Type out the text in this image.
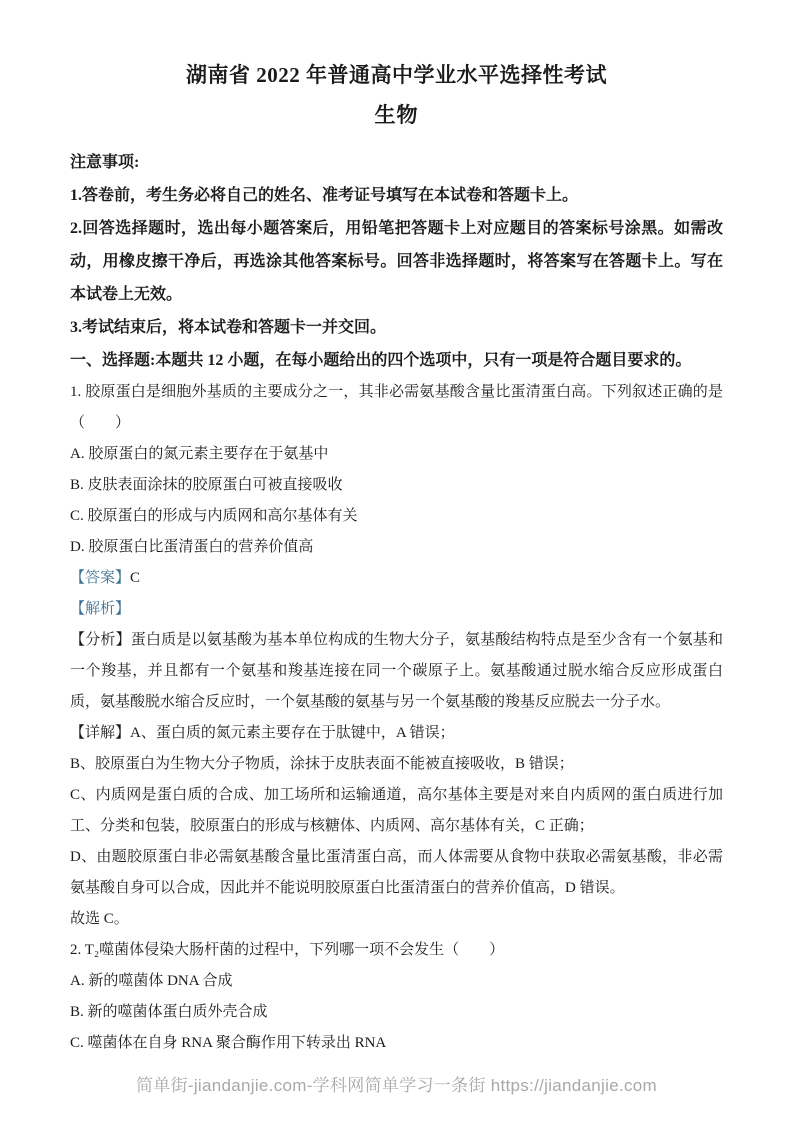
湖南省 2022 年普通高中学业水平选择性考试
生物

注意事项:

1.答卷前，考生务必将自己的姓名、准考证号填写在本试卷和答题卡上。

2.回答选择题时，选出每小题答案后，用铅笔把答题卡上对应题目的答案标号涂黑。如需改动，用橡皮擦干净后，再选涂其他答案标号。回答非选择题时，将答案写在答题卡上。写在本试卷上无效。

3.考试结束后，将本试卷和答题卡一并交回。

一、选择题:本题共 12 小题，在每小题给出的四个选项中，只有一项是符合题目要求的。

1. 胶原蛋白是细胞外基质的主要成分之一，其非必需氨基酸含量比蛋清蛋白高。下列叙述正确的是（　　）

A. 胶原蛋白的氮元素主要存在于氨基中

B. 皮肤表面涂抹的胶原蛋白可被直接吸收

C. 胶原蛋白的形成与内质网和高尔基体有关

D. 胶原蛋白比蛋清蛋白的营养价值高

【答案】C

【解析】

【分析】蛋白质是以氨基酸为基本单位构成的生物大分子，氨基酸结构特点是至少含有一个氨基和一个羧基，并且都有一个氨基和羧基连接在同一个碳原子上。氨基酸通过脱水缩合反应形成蛋白质，氨基酸脱水缩合反应时，一个氨基酸的氨基与另一个氨基酸的羧基反应脱去一分子水。

【详解】A、蛋白质的氮元素主要存在于肽键中，A 错误；

B、胶原蛋白为生物大分子物质，涂抹于皮肤表面不能被直接吸收，B 错误；

C、内质网是蛋白质的合成、加工场所和运输通道，高尔基体主要是对来自内质网的蛋白质进行加工、分类和包装，胶原蛋白的形成与核糖体、内质网、高尔基体有关，C 正确；

D、由题胶原蛋白非必需氨基酸含量比蛋清蛋白高，而人体需要从食物中获取必需氨基酸，非必需氨基酸自身可以合成，因此并不能说明胶原蛋白比蛋清蛋白的营养价值高，D 错误。

故选 C。

2. T₂噬菌体侵染大肠杆菌的过程中，下列哪一项不会发生（　　）

A. 新的噬菌体 DNA 合成

B. 新的噬菌体蛋白质外壳合成

C. 噬菌体在自身 RNA 聚合酶作用下转录出 RNA

简单街-jiandanjie.com-学科网简单学习一条街 https://jiandanjie.com
